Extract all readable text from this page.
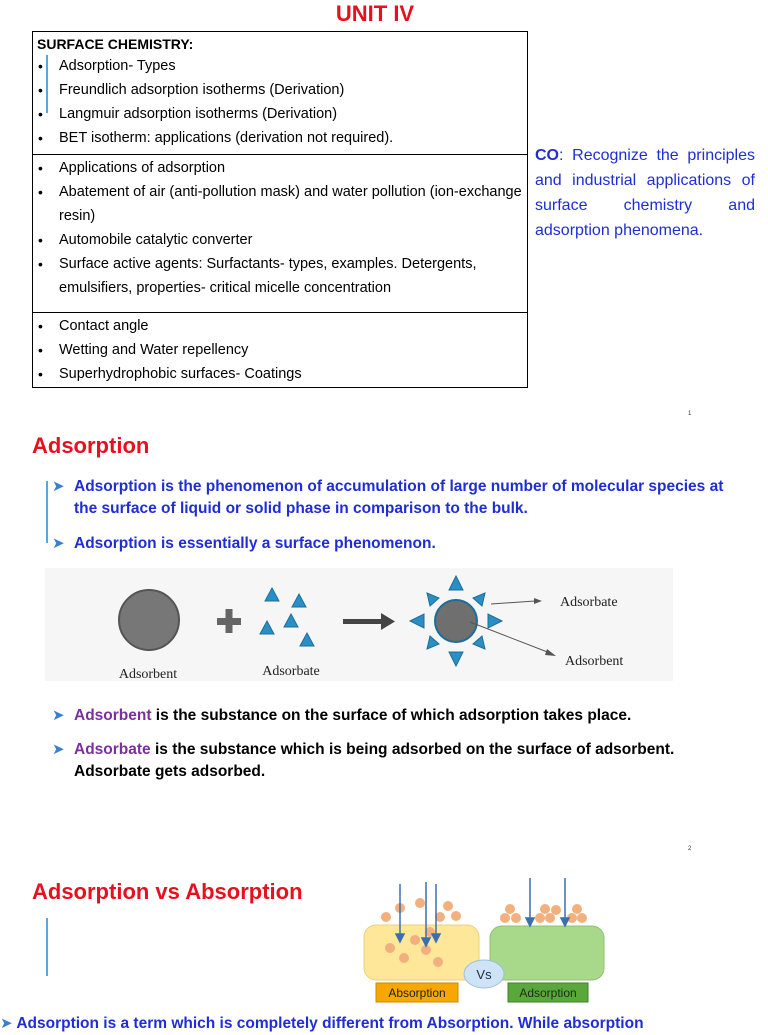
UNIT IV
SURFACE CHEMISTRY:
• Adsorption- Types
• Freundlich adsorption isotherms (Derivation)
• Langmuir adsorption isotherms (Derivation)
• BET isotherm: applications (derivation not required).
• Applications of adsorption
• Abatement of air (anti-pollution mask) and water pollution (ion-exchange resin)
• Automobile catalytic converter
• Surface active agents: Surfactants- types, examples. Detergents, emulsifiers, properties- critical micelle concentration
• Contact angle
• Wetting and Water repellency
• Superhydrophobic surfaces- Coatings
CO: Recognize the principles and industrial applications of surface chemistry and adsorption phenomena.
1
Adsorption
➤ Adsorption is the phenomenon of accumulation of large number of molecular species at the surface of liquid or solid phase in comparison to the bulk.
➤ Adsorption is essentially a surface phenomenon.
Adsorbent	Adsorbate
Adsorbate
Adsorbent
➤ Adsorbent is the substance on the surface of which adsorption takes place.
➤ Adsorbate is the substance which is being adsorbed on the surface of adsorbent. Adsorbate gets adsorbed.
2
Adsorption vs Absorption
Vs
Absorption	Adsorption
➤ Adsorption is a term which is completely different from Absorption. While absorption
